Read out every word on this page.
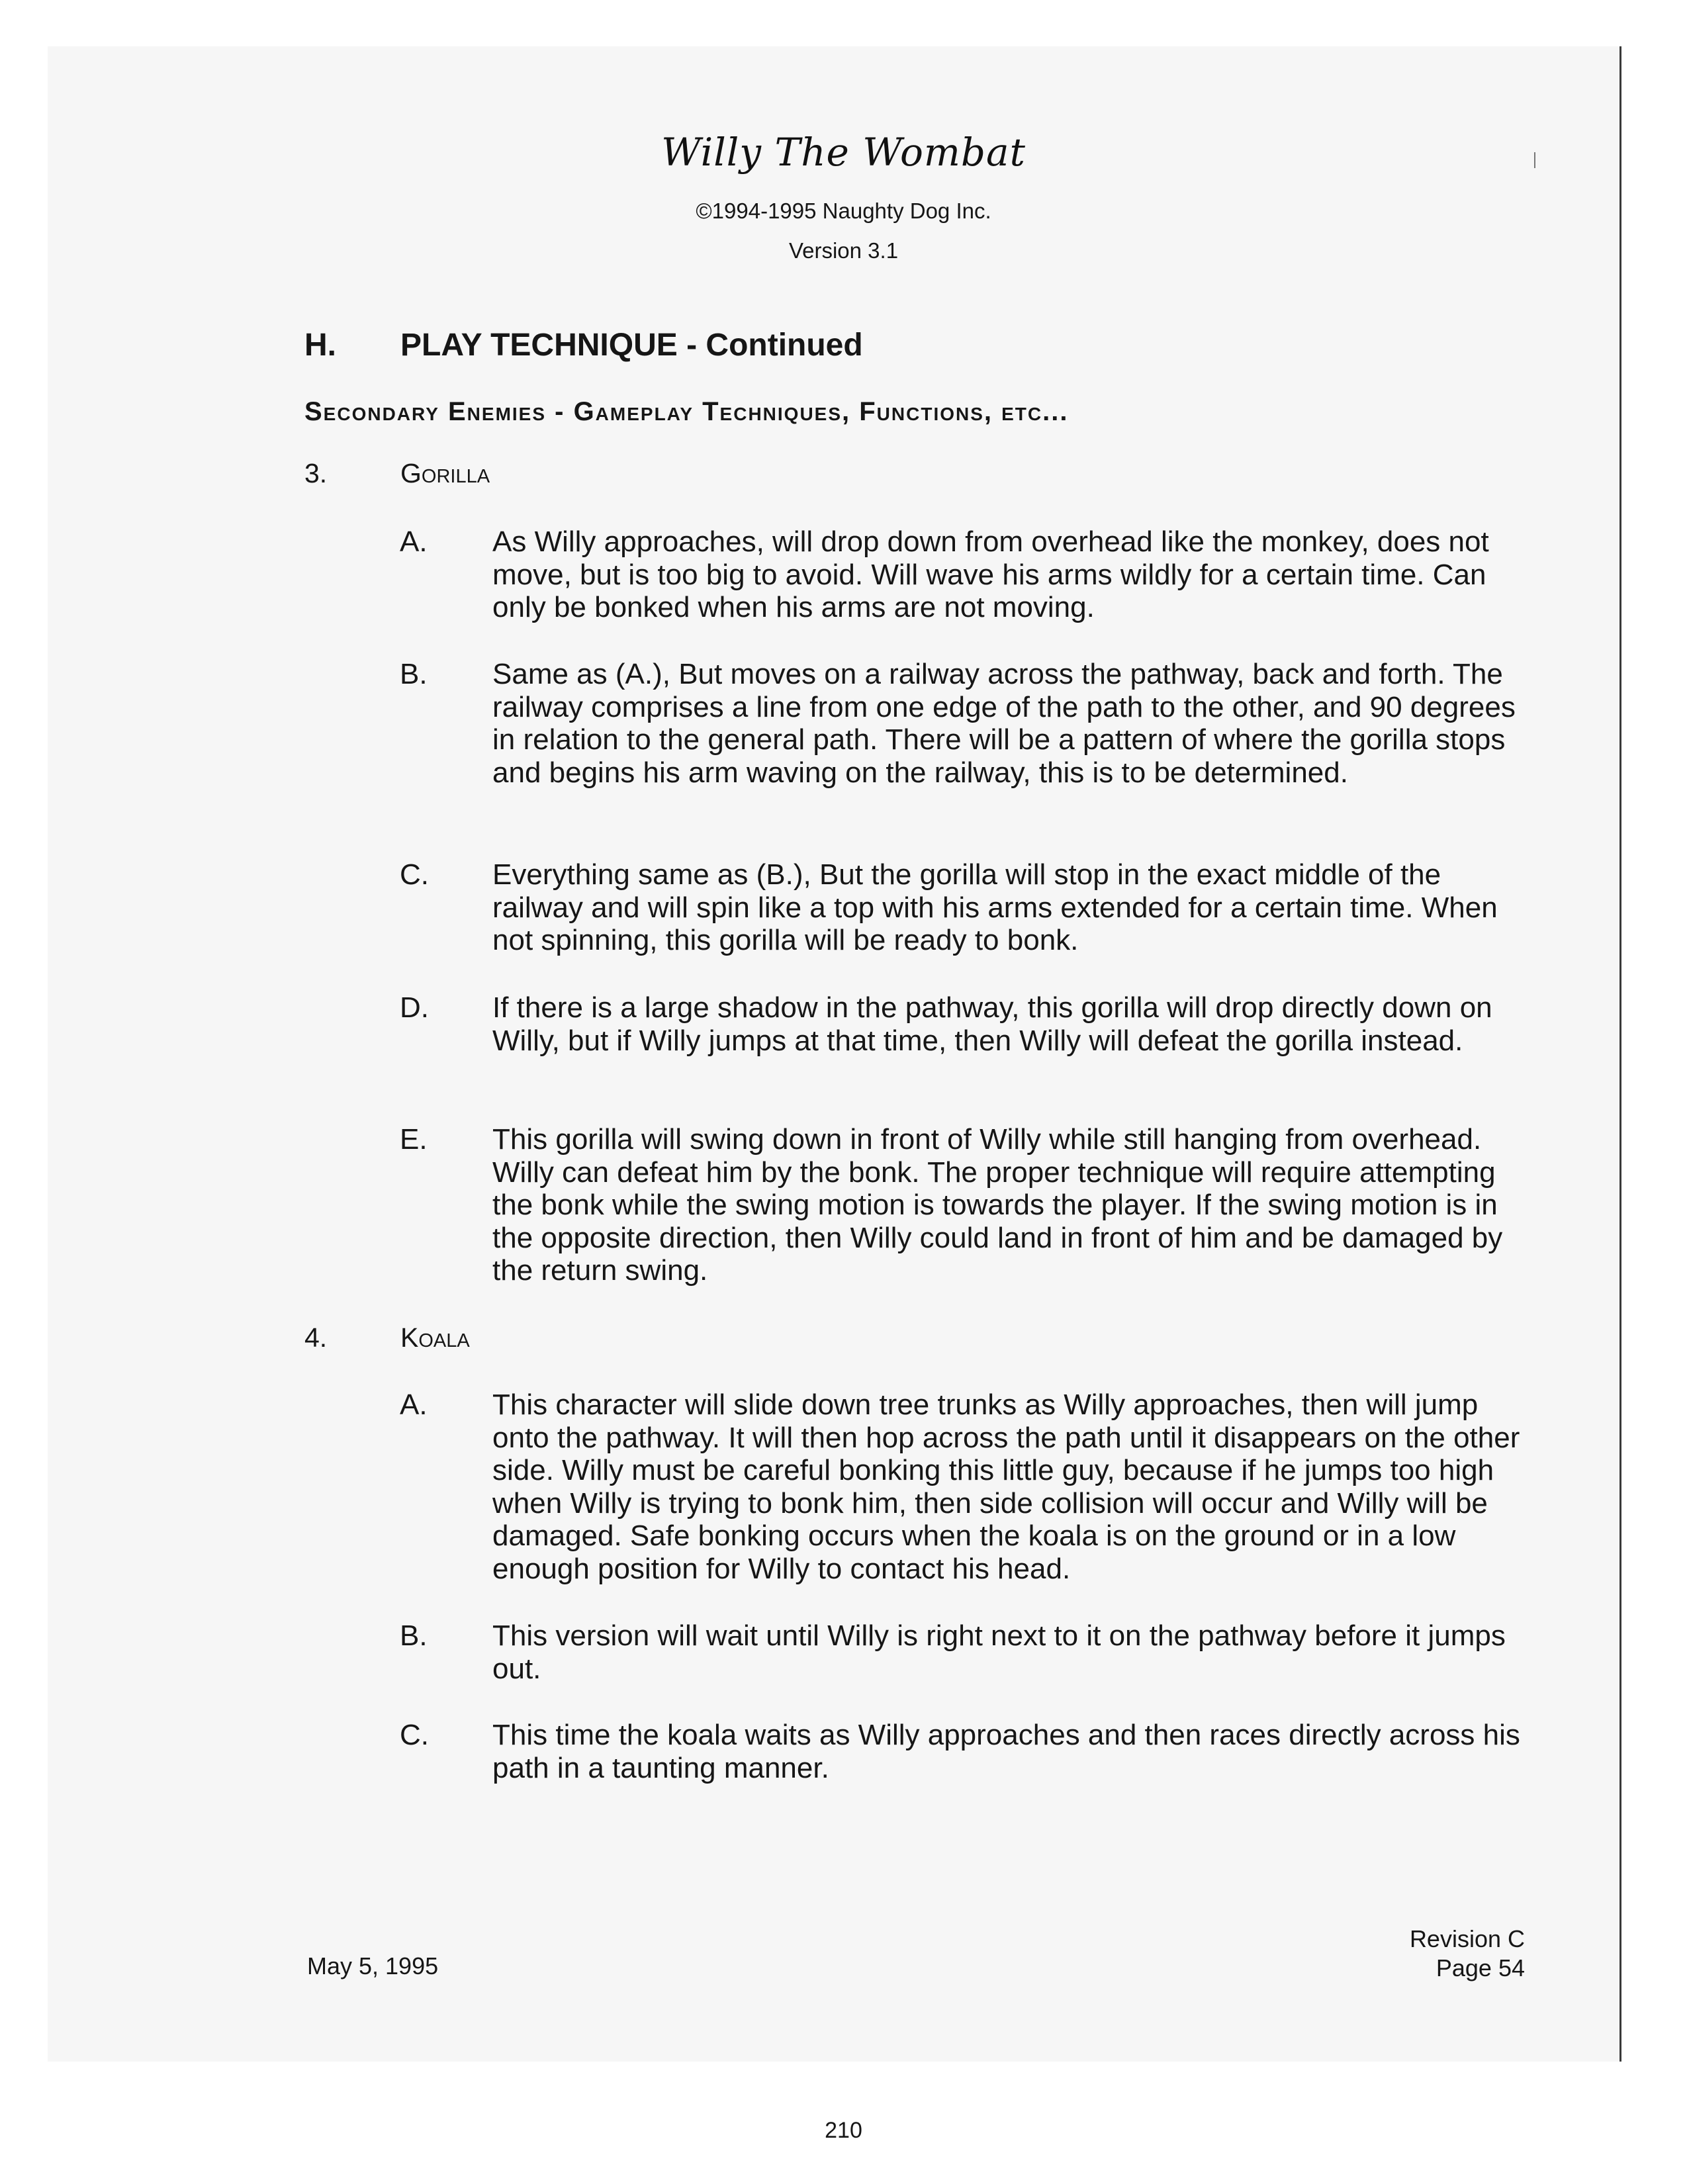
Willy The Wombat
©1994-1995 Naughty Dog Inc.
Version 3.1
H. PLAY TECHNIQUE - Continued
Secondary Enemies - Gameplay Techniques, Functions, etc...
3.	Gorilla
A. As Willy approaches, will drop down from overhead like the monkey, does not move, but is too big to avoid. Will wave his arms wildly for a certain time. Can only be bonked when his arms are not moving.
B. Same as (A.), But moves on a railway across the pathway, back and forth. The railway comprises a line from one edge of the path to the other, and 90 degrees in relation to the general path. There will be a pattern of where the gorilla stops and begins his arm waving on the railway, this is to be determined.
C. Everything same as (B.), But the gorilla will stop in the exact middle of the railway and will spin like a top with his arms extended for a certain time. When not spinning, this gorilla will be ready to bonk.
D. If there is a large shadow in the pathway, this gorilla will drop directly down on Willy, but if Willy jumps at that time, then Willy will defeat the gorilla instead.
E. This gorilla will swing down in front of Willy while still hanging from overhead. Willy can defeat him by the bonk. The proper technique will require attempting the bonk while the swing motion is towards the player. If the swing motion is in the opposite direction, then Willy could land in front of him and be damaged by the return swing.
4.	Koala
A. This character will slide down tree trunks as Willy approaches, then will jump onto the pathway. It will then hop across the path until it disappears on the other side. Willy must be careful bonking this little guy, because if he jumps too high when Willy is trying to bonk him, then side collision will occur and Willy will be damaged. Safe bonking occurs when the koala is on the ground or in a low enough position for Willy to contact his head.
B. This version will wait until Willy is right next to it on the pathway before it jumps out.
C. This time the koala waits as Willy approaches and then races directly across his path in a taunting manner.
May 5, 1995
Revision C
Page 54
210
